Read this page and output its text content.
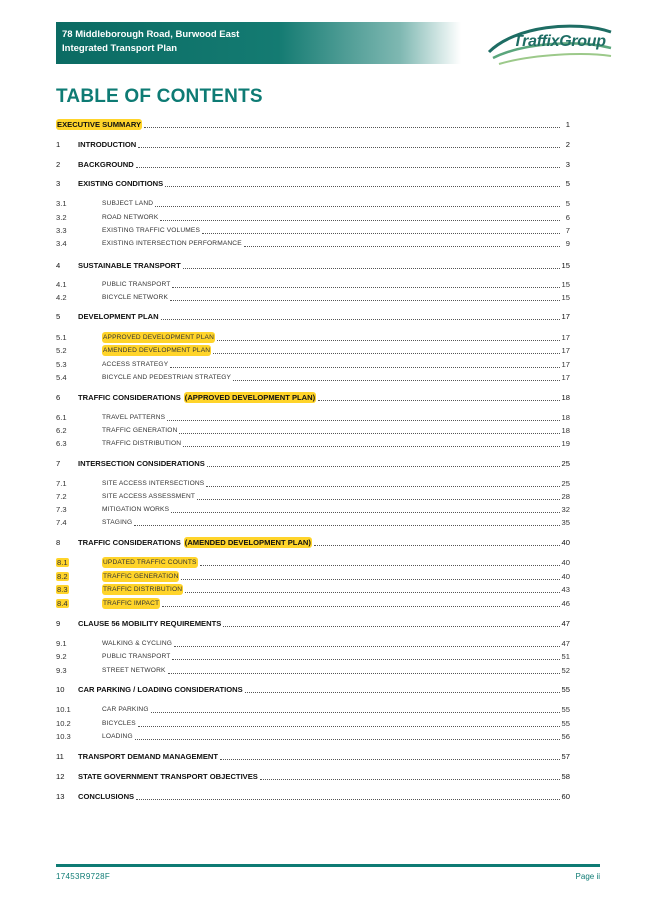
78 Middleborough Road, Burwood East
Integrated Transport Plan	TraffixGroup
TABLE OF CONTENTS
EXECUTIVE SUMMARY	1
1	INTRODUCTION	2
2	BACKGROUND	3
3	EXISTING CONDITIONS	5
3.1	SUBJECT LAND	5
3.2	ROAD NETWORK	6
3.3	EXISTING TRAFFIC VOLUMES	7
3.4	EXISTING INTERSECTION PERFORMANCE	9
4	SUSTAINABLE TRANSPORT	15
4.1	PUBLIC TRANSPORT	15
4.2	BICYCLE NETWORK	15
5	DEVELOPMENT PLAN	17
5.1	APPROVED DEVELOPMENT PLAN	17
5.2	AMENDED DEVELOPMENT PLAN	17
5.3	ACCESS STRATEGY	17
5.4	BICYCLE AND PEDESTRIAN STRATEGY	17
6	TRAFFIC CONSIDERATIONS (APPROVED DEVELOPMENT PLAN)	18
6.1	TRAVEL PATTERNS	18
6.2	TRAFFIC GENERATION	18
6.3	TRAFFIC DISTRIBUTION	19
7	INTERSECTION CONSIDERATIONS	25
7.1	SITE ACCESS INTERSECTIONS	25
7.2	SITE ACCESS ASSESSMENT	28
7.3	MITIGATION WORKS	32
7.4	STAGING	35
8	TRAFFIC CONSIDERATIONS (AMENDED DEVELOPMENT PLAN)	40
8.1	UPDATED TRAFFIC COUNTS	40
8.2	TRAFFIC GENERATION	40
8.3	TRAFFIC DISTRIBUTION	43
8.4	TRAFFIC IMPACT	46
9	CLAUSE 56 MOBILITY REQUIREMENTS	47
9.1	WALKING & CYCLING	47
9.2	PUBLIC TRANSPORT	51
9.3	STREET NETWORK	52
10	CAR PARKING / LOADING CONSIDERATIONS	55
10.1	CAR PARKING	55
10.2	BICYCLES	55
10.3	LOADING	56
11	TRANSPORT DEMAND MANAGEMENT	57
12	STATE GOVERNMENT TRANSPORT OBJECTIVES	58
13	CONCLUSIONS	60
17453R9728F	Page ii
